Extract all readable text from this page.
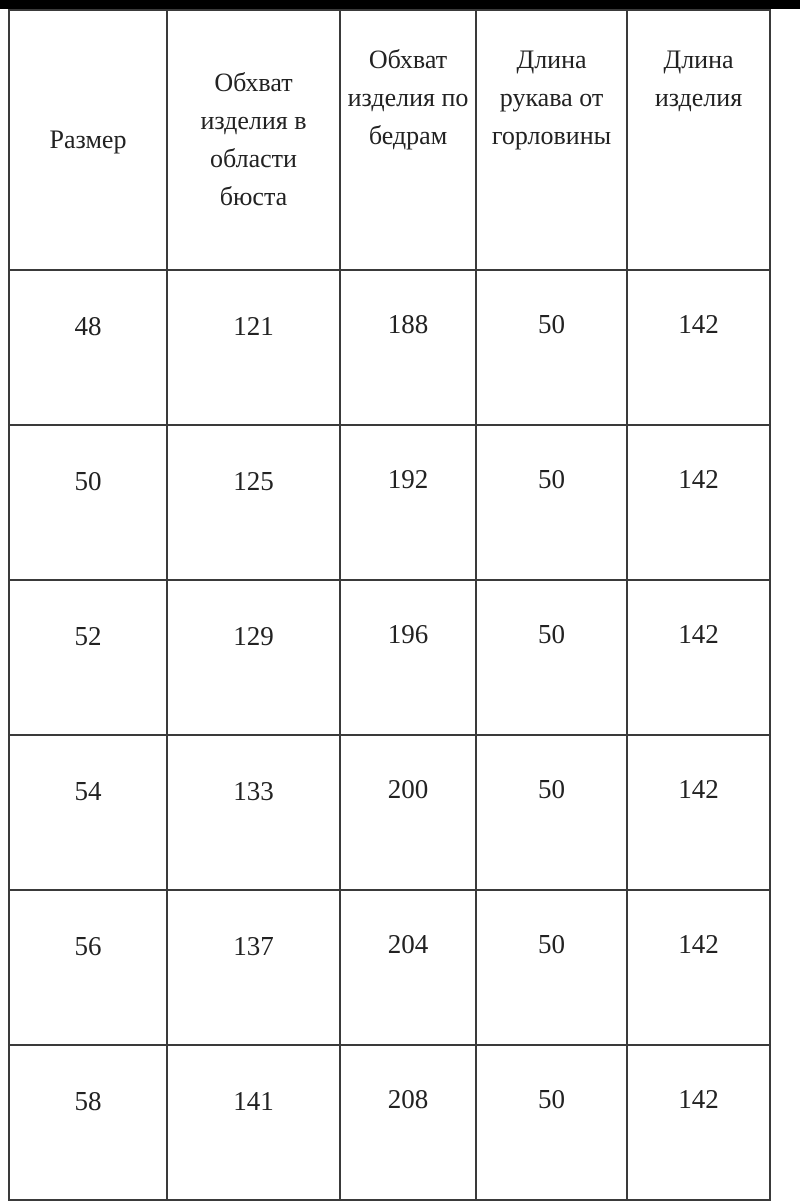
Размер	Обхват изделия в области бюста	Обхват изделия по бедрам	Длина рукава от горловины	Длина изделия

48	121	188	50	142
50	125	192	50	142
52	129	196	50	142
54	133	200	50	142
56	137	204	50	142
58	141	208	50	142
